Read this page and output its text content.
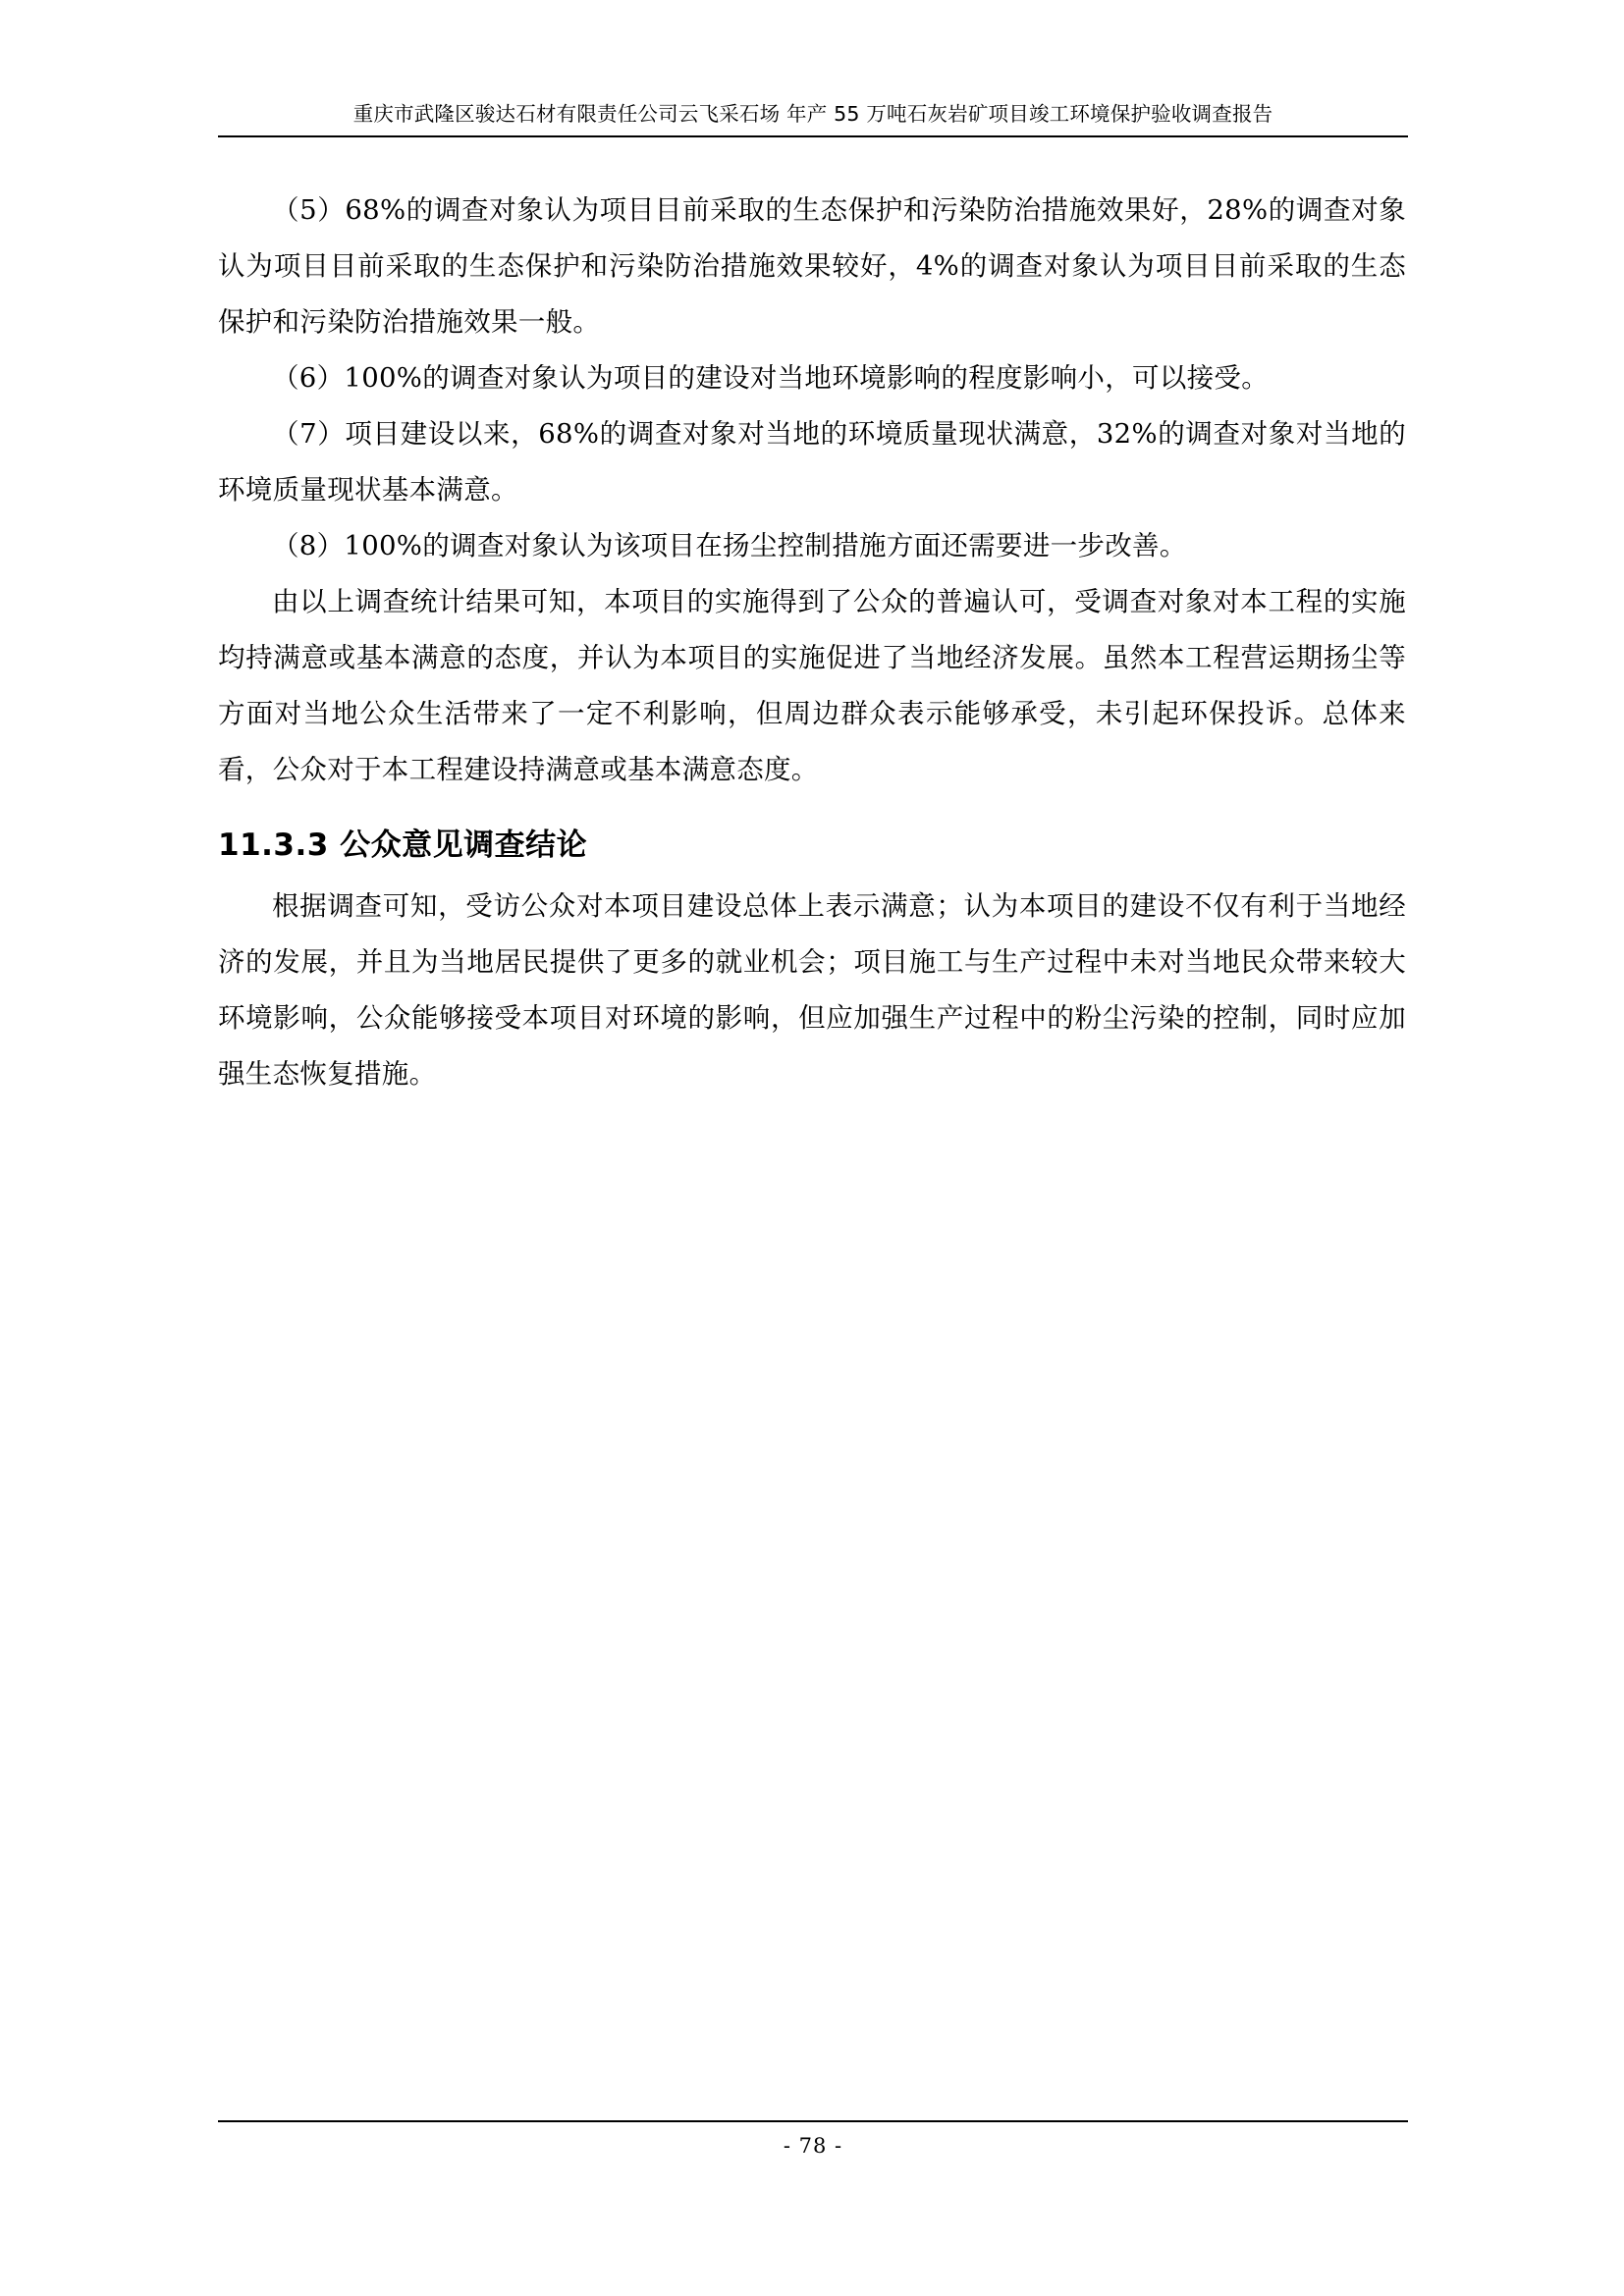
重庆市武隆区骏达石材有限责任公司云飞采石场 年产 55 万吨石灰岩矿项目竣工环境保护验收调查报告

（5）68%的调查对象认为项目目前采取的生态保护和污染防治措施效果好，28%的调查对象认为项目目前采取的生态保护和污染防治措施效果较好，4%的调查对象认为项目目前采取的生态保护和污染防治措施效果一般。

（6）100%的调查对象认为项目的建设对当地环境影响的程度影响小，可以接受。

（7）项目建设以来，68%的调查对象对当地的环境质量现状满意，32%的调查对象对当地的环境质量现状基本满意。

（8）100%的调查对象认为该项目在扬尘控制措施方面还需要进一步改善。

由以上调查统计结果可知，本项目的实施得到了公众的普遍认可，受调查对象对本工程的实施均持满意或基本满意的态度，并认为本项目的实施促进了当地经济发展。虽然本工程营运期扬尘等方面对当地公众生活带来了一定不利影响，但周边群众表示能够承受，未引起环保投诉。总体来看，公众对于本工程建设持满意或基本满意态度。

11.3.3 公众意见调查结论

根据调查可知，受访公众对本项目建设总体上表示满意；认为本项目的建设不仅有利于当地经济的发展，并且为当地居民提供了更多的就业机会；项目施工与生产过程中未对当地民众带来较大环境影响，公众能够接受本项目对环境的影响，但应加强生产过程中的粉尘污染的控制，同时应加强生态恢复措施。

- 78 -
